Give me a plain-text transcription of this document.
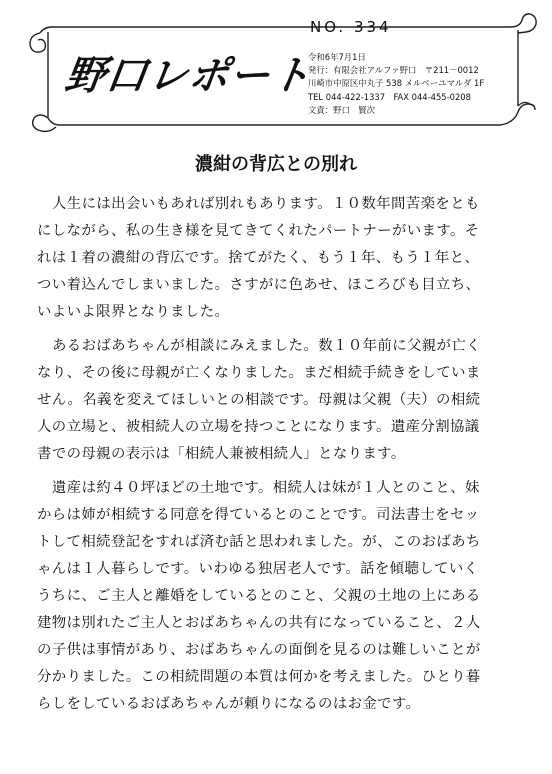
野口レポート
NO. 334
令和6年7月1日
発行：有限会社アルファ野口　〒211－0012
川崎市中原区中丸子 538 メルベーユマルダ 1F
TEL 044-422-1337　FAX 044-455-0208
文責：野口　賢次
濃紺の背広との別れ
人生には出会いもあれば別れもあります。１０数年間苦楽をとも
にしながら、私の生き様を見てきてくれたパートナーがいます。そ
れは１着の濃紺の背広です。捨てがたく、もう１年、もう１年と、
つい着込んでしまいました。さすがに色あせ、ほころびも目立ち、
いよいよ限界となりました。
あるおばあちゃんが相談にみえました。数１０年前に父親が亡く
なり、その後に母親が亡くなりました。まだ相続手続きをしていま
せん。名義を変えてほしいとの相談です。母親は父親（夫）の相続
人の立場と、被相続人の立場を持つことになります。遺産分割協議
書での母親の表示は「相続人兼被相続人」となります。
遺産は約４０坪ほどの土地です。相続人は妹が１人とのこと、妹
からは姉が相続する同意を得ているとのことです。司法書士をセッ
トして相続登記をすれば済む話と思われました。が、このおばあち
ゃんは１人暮らしです。いわゆる独居老人です。話を傾聴していく
うちに、ご主人と離婚をしているとのこと、父親の土地の上にある
建物は別れたご主人とおばあちゃんの共有になっていること、２人
の子供は事情があり、おばあちゃんの面倒を見るのは難しいことが
分かりました。この相続問題の本質は何かを考えました。ひとり暮
らしをしているおばあちゃんが頼りになるのはお金です。
